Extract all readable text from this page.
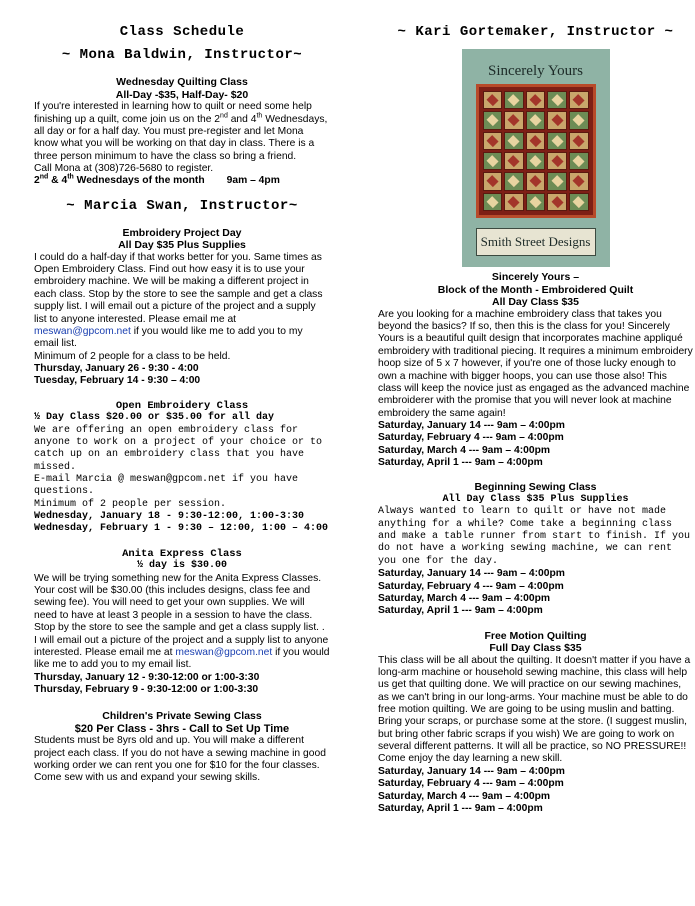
Class Schedule

~ Mona Baldwin, Instructor~

Wednesday Quilting Class

All-Day -$35, Half-Day- $20

If you're interested in learning how to quilt or need some help finishing up a quilt, come join us on the 2nd and 4th Wednesdays, all day or for a half day. You must pre-register and let Mona know what you will be working on that day in class. There is a three person minimum to have the class so bring a friend.

Call Mona at (308)726-5680 to register.

2nd & 4th Wednesdays of the month 9am – 4pm

~ Marcia Swan, Instructor~

Embroidery Project Day

All Day $35 Plus Supplies

I could do a half-day if that works better for you. Same times as Open Embroidery Class. Find out how easy it is to use your embroidery machine. We will be making a different project in each class. Stop by the store to see the sample and get a class supply list. I will email out a picture of the project and a supply list to anyone interested. Please email me at meswan@gpcom.net if you would like me to add you to my email list.

Minimum of 2 people for a class to be held.

Thursday, January 26 - 9:30 - 4:00

Tuesday, February 14 - 9:30 – 4:00

Open Embroidery Class

½ Day Class $20.00 or $35.00 for all day

We are offering an open embroidery class for anyone to work on a project of your choice or to catch up on an embroidery class that you have missed.

E-mail Marcia @ meswan@gpcom.net if you have questions.

Minimum of 2 people per session.

Wednesday, January 18 - 9:30-12:00, 1:00-3:30

Wednesday, February 1 - 9:30 – 12:00, 1:00 – 4:00

Anita Express Class

½ day is $30.00

We will be trying something new for the Anita Express Classes. Your cost will be $30.00 (this includes designs, class fee and sewing fee). You will need to get your own supplies. We will need to have at least 3 people in a session to have the class. Stop by the store to see the sample and get a class supply list. . I will email out a picture of the project and a supply list to anyone interested. Please email me at meswan@gpcom.net if you would like me to add you to my email list.

Thursday, January 12 - 9:30-12:00 or 1:00-3:30

Thursday, February 9 - 9:30-12:00 or 1:00-3:30

Children's Private Sewing Class

$20 Per Class - 3hrs - Call to Set Up Time

Students must be 8yrs old and up. You will make a different project each class. If you do not have a sewing machine in good working order we can rent you one for $10 for the four classes. Come sew with us and expand your sewing skills.

~ Kari Gortemaker, Instructor ~

Sincerely Yours

Smith Street Designs

Sincerely Yours –

Block of the Month - Embroidered Quilt

All Day Class $35

Are you looking for a machine embroidery class that takes you beyond the basics? If so, then this is the class for you! Sincerely Yours is a beautiful quilt design that incorporates machine appliqué embroidery with traditional piecing. It requires a minimum embroidery hoop size of 5 x 7 however, if you're one of those lucky enough to own a machine with bigger hoops, you can use those also! This class will keep the novice just as engaged as the advanced machine embroiderer with the promise that you will never look at machine embroidery the same again!

Saturday, January 14 --- 9am – 4:00pm

Saturday, February 4 --- 9am – 4:00pm

Saturday, March 4 --- 9am – 4:00pm

Saturday, April 1 --- 9am – 4:00pm

Beginning Sewing Class

All Day Class $35 Plus Supplies

Always wanted to learn to quilt or have not made anything for a while? Come take a beginning class and make a table runner from start to finish. If you do not have a working sewing machine, we can rent you one for the day.

Saturday, January 14 --- 9am – 4:00pm

Saturday, February 4 --- 9am – 4:00pm

Saturday, March 4 --- 9am – 4:00pm

Saturday, April 1 --- 9am – 4:00pm

Free Motion Quilting

Full Day Class $35

This class will be all about the quilting. It doesn't matter if you have a long-arm machine or household sewing machine, this class will help us get that quilting done. We will practice on our sewing machines, as we can't bring in our long-arms. Your machine must be able to do free motion quilting. We are going to be using muslin and batting. Bring your scraps, or purchase some at the store. (I suggest muslin, but bring other fabric scraps if you wish) We are going to work on several different patterns. It will all be practice, so NO PRESSURE!! Come enjoy the day learning a new skill.

Saturday, January 14 --- 9am – 4:00pm

Saturday, February 4 --- 9am – 4:00pm

Saturday, March 4 --- 9am – 4:00pm

Saturday, April 1 --- 9am – 4:00pm
